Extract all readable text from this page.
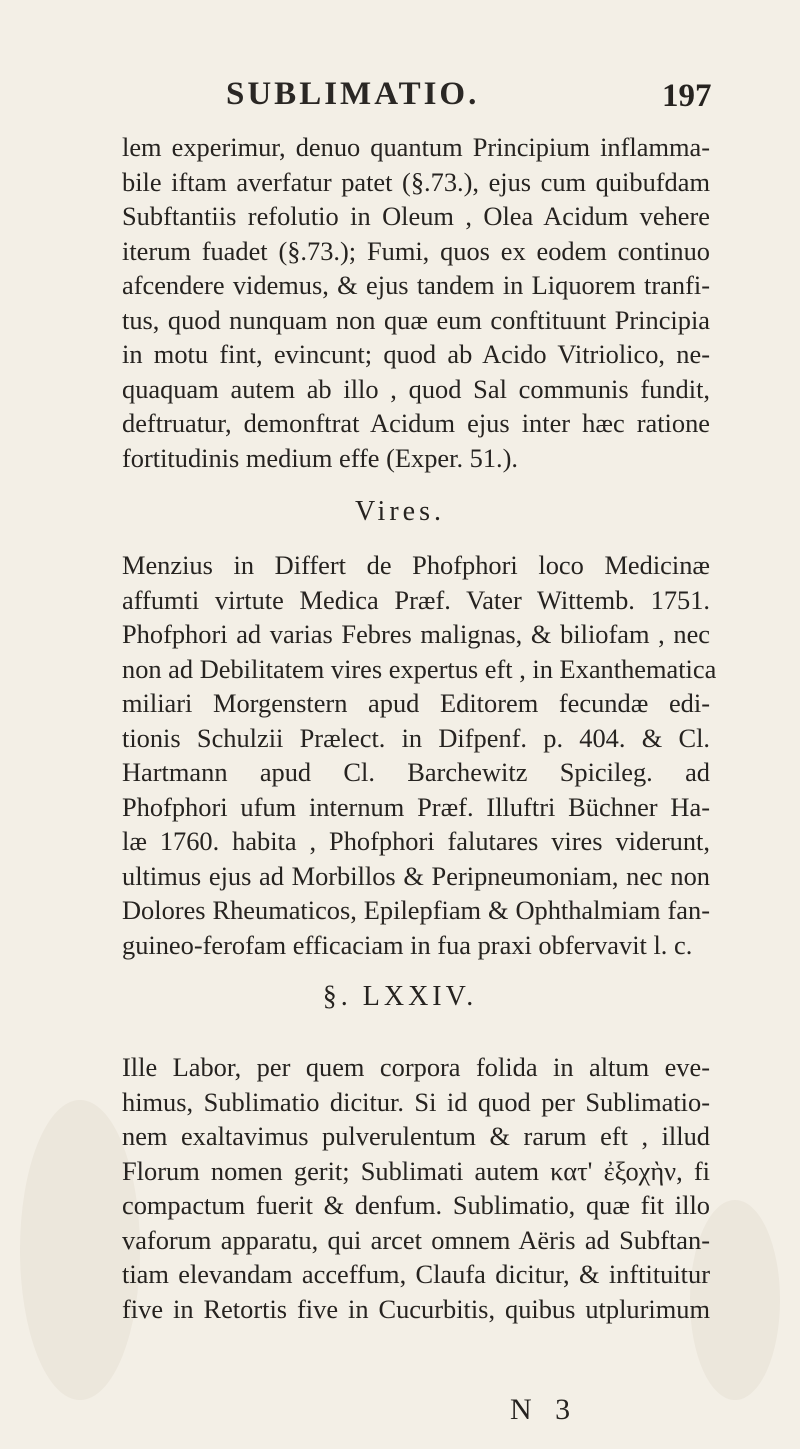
SUBLIMATIO.	197
lem experimur, denuo quantum Principium inflamma-
bile iftam averfatur patet (§.73.), ejus cum quibufdam
Subftantiis refolutio in Oleum , Olea Acidum vehere
iterum fuadet (§.73.); Fumi, quos ex eodem continuo
afcendere videmus, & ejus tandem in Liquorem tranfi-
tus, quod nunquam non quæ eum conftituunt Principia
in motu fint, evincunt; quod ab Acido Vitriolico, ne-
quaquam autem ab illo , quod Sal communis fundit,
deftruatur, demonftrat Acidum ejus inter hæc ratione
fortitudinis medium effe (Exper. 51.).
Vires.
Menzius in Differt de Phofphori loco Medicinæ
affumti virtute Medica Præf. Vater Wittemb. 1751.
Phofphori ad varias Febres malignas, & biliofam , nec
non ad Debilitatem vires expertus eft , in Exanthematica
miliari Morgenstern apud Editorem fecundæ edi-
tionis Schulzii Prælect. in Difpenf. p. 404. & Cl.
Hartmann apud Cl. Barchewitz Spicileg. ad
Phofphori ufum internum Præf. Illuftri Büchner Ha-
læ 1760. habita , Phofphori falutares vires viderunt,
ultimus ejus ad Morbillos & Peripneumoniam, nec non
Dolores Rheumaticos, Epilepfiam & Ophthalmiam fan-
guineo-ferofam efficaciam in fua praxi obfervavit l. c.
§. LXXIV.
Ille Labor, per quem corpora folida in altum eve-
himus, Sublimatio dicitur. Si id quod per Sublimatio-
nem exaltavimus pulverulentum & rarum eft , illud
Florum nomen gerit; Sublimati autem κατ' ἐξοχὴν, fi
compactum fuerit & denfum. Sublimatio, quæ fit illo
vaforum apparatu, qui arcet omnem Aëris ad Subftan-
tiam elevandam acceffum, Claufa dicitur, & inftituitur
five in Retortis five in Cucurbitis, quibus utplurimum
N 3
